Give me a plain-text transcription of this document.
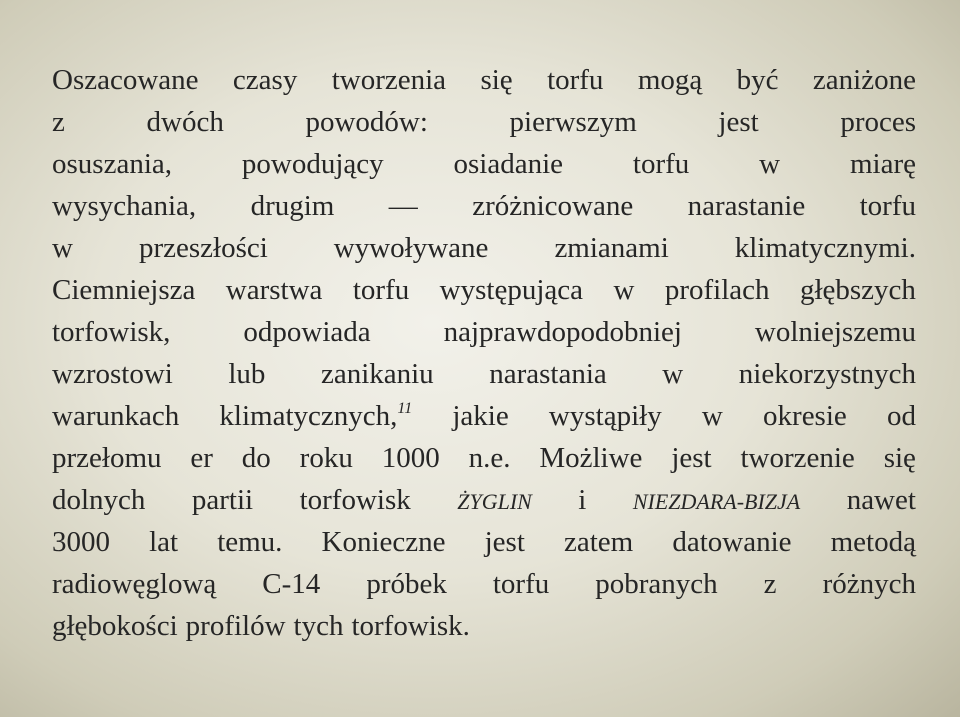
Oszacowane czasy tworzenia się torfu mogą być zaniżone
z	dwóch	powodów:	pierwszym	jest	proces
osuszania, powodujący osiadanie torfu w miarę
wysychania, drugim — zróżnicowane narastanie torfu
w przeszłości wywoływane zmianami klimatycznymi.
Ciemniejsza warstwa torfu występująca w profilach głębszych
torfowisk,	odpowiada	najprawdopodobniej	wolniejszemu
wzrostowi lub zanikaniu narastania w niekorzystnych
warunkach klimatycznych,$^{11}$ jakie wystąpiły w okresie od
przełomu er do roku 1000 n.e. Możliwe jest tworzenie się
dolnych partii torfowisk ŻYGLIN i NIEZDARA-BIZJA nawet
3000 lat temu. Konieczne jest zatem datowanie metodą
radiowęglową C-14 próbek torfu pobranych z różnych
głębokości profilów tych torfowisk.
